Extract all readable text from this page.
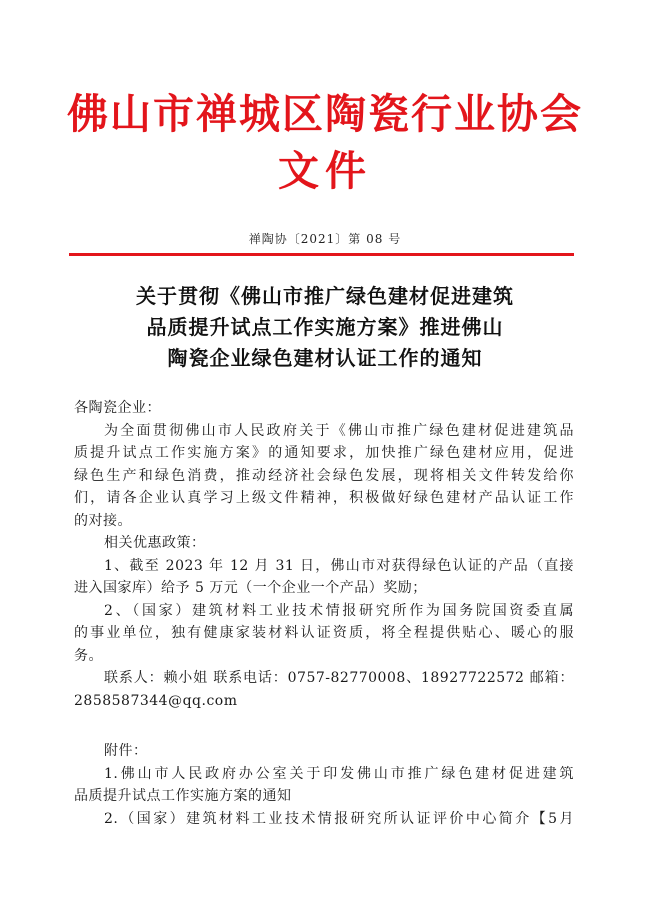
佛山市禅城区陶瓷行业协会
文件
禅陶协〔2021〕第 08 号
关于贯彻《佛山市推广绿色建材促进建筑
品质提升试点工作实施方案》推进佛山
陶瓷企业绿色建材认证工作的通知
各陶瓷企业：
为全面贯彻佛山市人民政府关于《佛山市推广绿色建材促进建筑品
质提升试点工作实施方案》的通知要求，加快推广绿色建材应用，促进
绿色生产和绿色消费，推动经济社会绿色发展，现将相关文件转发给你
们，请各企业认真学习上级文件精神，积极做好绿色建材产品认证工作
的对接。
相关优惠政策：
1、截至 2023 年 12 月 31 日，佛山市对获得绿色认证的产品（直接
进入国家库）给予 5 万元（一个企业一个产品）奖励；
2、（国家）建筑材料工业技术情报研究所作为国务院国资委直属
的事业单位，独有健康家装材料认证资质，将全程提供贴心、暖心的服
务。
联系人：赖小姐 联系电话：0757-82770008、18927722572 邮箱：
2858587344@qq.com
附件：
1.佛山市人民政府办公室关于印发佛山市推广绿色建材促进建筑
品质提升试点工作实施方案的通知
2.（国家）建筑材料工业技术情报研究所认证评价中心简介【5月
